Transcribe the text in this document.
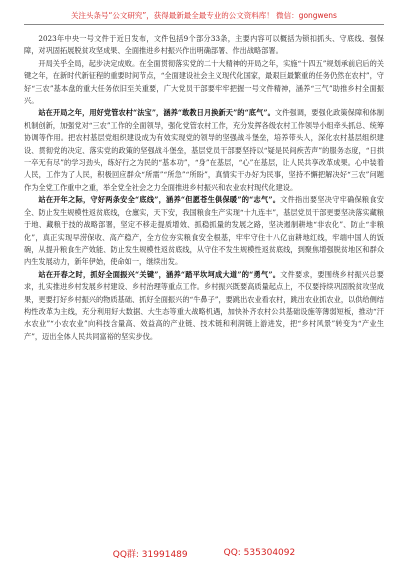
关注头条号“公文研究”，获得最新最全最专业的公文资料库！ 微信：gongwens

2023年中央一号文件于近日发布，文件包括9个部分33条，主要内容可以概括为锁扣抓头、守底线、强保障，对巩固拓展脱贫攻坚成果、全面推进乡村振兴作出明确部署、作出战略部署。

开局关乎全局，起步决定成败。在全面贯彻落实党的二十大精神的开局之年，实施“十四五”规划承前启后的关键之年，在新时代新征程的重要时间节点，“全面建设社会主义现代化国家，最艰巨最繁重的任务仍然在农村”，守好“三农”基本盘的重大任务依旧至关重要，广大党员干部要牢牢把握一号文件精神，涵养“三气”助推乡村全面振兴。

站在开局之年，用好党管农村“法宝”，涵养“敢教日月换新天”的“底气”。文件强调，要强化政策保障和体制机制创新，加强党对“三农”工作的全面领导，强化党管农村工作，充分发挥各级农村工作领导小组牵头抓总、统筹协调等作用。把农村基层党组织建设成为有效实现党的领导的坚强战斗堡垒，培养带头人，深化农村基层组织建设、贯彻党的决定、落实党的政策的坚强战斗堡垒，基层党员干部要坚持以“疑是民间疾苦声”的服务态度，“日拱一卒无有尽”的学习劲头，练好行之为民的“基本功”，“身”在基层，“心”在基层，让人民共享改革成果。心中装着人民，工作为了人民，积极回应群众“所需”“所急”“所盼”，真情实干办好为民事，坚持不懈把解决好“三农”问题作为全党工作重中之重，举全党全社会之力全面推进乡村振兴和农业农村现代化建设。

站在开年之际，守好两条安全“底线”，涵养“但愿苍生俱保暖”的“志气”。文件指出要坚决守牢确保粮食安全、防止发生规模性返贫底线，仓廪实，天下安，我国粮食生产实现“十九连丰”，基层党员干部更要坚决落实藏粮于地、藏粮于技的战略部署，坚定不移走提质增效、抓稳抓量的发展之路，坚决遏制耕地“非农化”、防止“非粮化”，真正实现早涝保收、高产稳产，全方位夯实粮食安全根基，牢牢守住十八亿亩耕地红线，牢端中国人的饭碗，从提升粮食生产效能、防止发生规模性返贫底线，从守住不发生规模性返贫底线，到聚焦增强脱贫地区和群众内生发展动力，新年伊始，使命如一，继续出发。

站在开春之时，抓好全面振兴“关键”，涵养“踏平坎坷成大道”的“勇气”。文件要求，要围绕乡村振兴总要求，扎实推进乡村发展乡村建设、乡村治理等重点工作。乡村振兴既要高质量起点上，不仅要持续巩固脱贫攻坚成果，更要打好乡村振兴的物质基础、抓好全面振兴的“牛鼻子”，要跳出农业看农村，跳出农业抓农业，以供给侧结构性改革为主线，充分利用好大数据、大生态等重大战略机遇，加快补齐农村公共基础设施等薄弱短板，推动“汗水农业”“小农农业”向科技含量高、效益高的产业链、技术链和利润链上游进发，把“乡村风景”转变为“产业生产”，迈出全体人民共同富裕的坚实步伐。

QQ群: 31991489	QQ: 535304092
